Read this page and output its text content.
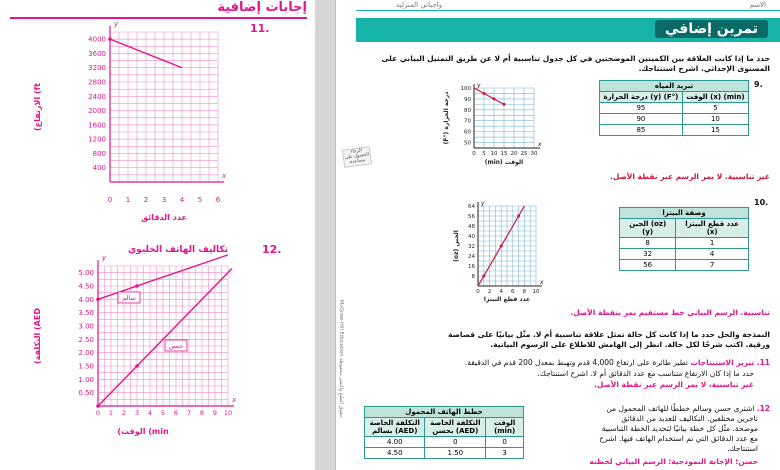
إجابات إضافية
11.
y
x
4000
3600
3200
2800
2400
2000
1600
1200
800
400
0 1 2 3 4 5 6
(الارتفاع (ft
عدد الدقائق
12.
تكاليف الهاتف الخليوي
y
x
5.00
4.50
4.00
3.50
3.00
2.50
2.00
1.50
1.00
0.50
0 1 2 3 4 5 6 7 8 9 10
سالم
حسن
(التكلفة (AED
(الوقت (min
الاسم
واجباتي المنزلية
تمرين إضافي
حدد ما إذا كانت العلاقة بين الكميتين الموضحتين في كل جدول تناسبية أم لا عن طريق التمثيل البياني على المستوى الإحداثي. اشرح استنتاجك.
9.
تبريد المياه	
درجة الحرارة (y) (F°)	الوقت (x) (min)
95	5
90	10
85	15
y
x
100
90
80
70
60
50
0 5 10 15 20 25 30
(F°) درجة الحرارة
(min) الوقت
غير تناسبية. لا يمر الرسم عبر نقطة الأصل.
10.
وصفة البيتزا	
الجبن (oz) (y)	عدد قطع البيتزا (x)
8	1
32	4
56	7
y
x
64
56
48
40
32
24
16
8
0 2 4 6 8 10
(oz) الجبن
عدد قطع البيتزا
تناسبية. الرسم البياني خط مستقيم يمر بنقطة الأصل.
النمذجة والحل حدد ما إذا كانت كل حالة تمثل علاقة تناسبية أم لا. مثّل بيانيًا على قصاصة
ورقية. اكتب شرحًا لكل حالة. انظر إلى الهامش للاطلاع على الرسوم البيانية.
11. تبرير الاستنتاجات تطير طائرة على ارتفاع 4,000 قدم وتهبط بمعدل 200 قدم في الدقيقة.
حدد ما إذا كان الارتفاع متناسب مع عدد الدقائق أم لا. اشرح استنتاجك.
غير تناسبية، لا يمر الرسم عبر نقطة الأصل.
12. اشترى حسن وسالم خططًا للهاتف المحمول من
تاجرين مختلفين. التكاليف للعديد من الدقائق
موضحة. مثّل كل خطة بيانيًا لتحديد الخطة التناسبية
مع عدد الدقائق التي تم استخدام الهاتف فيها. اشرح
استنتاجك.
حسن؛ الإجابة النموذجية: الرسم البياني لخطته
خطط الهاتف المحمول		
التكلفة الخاصة بسالم (AED)	التكلفة الخاصة بحسن (AED)	الوقت (min)
4.00	0	0
4.50	1.50	3
الرجاء الحصول على مساعدة
McGraw-Hill Education حقوق الطبع والنشر محفوظة
